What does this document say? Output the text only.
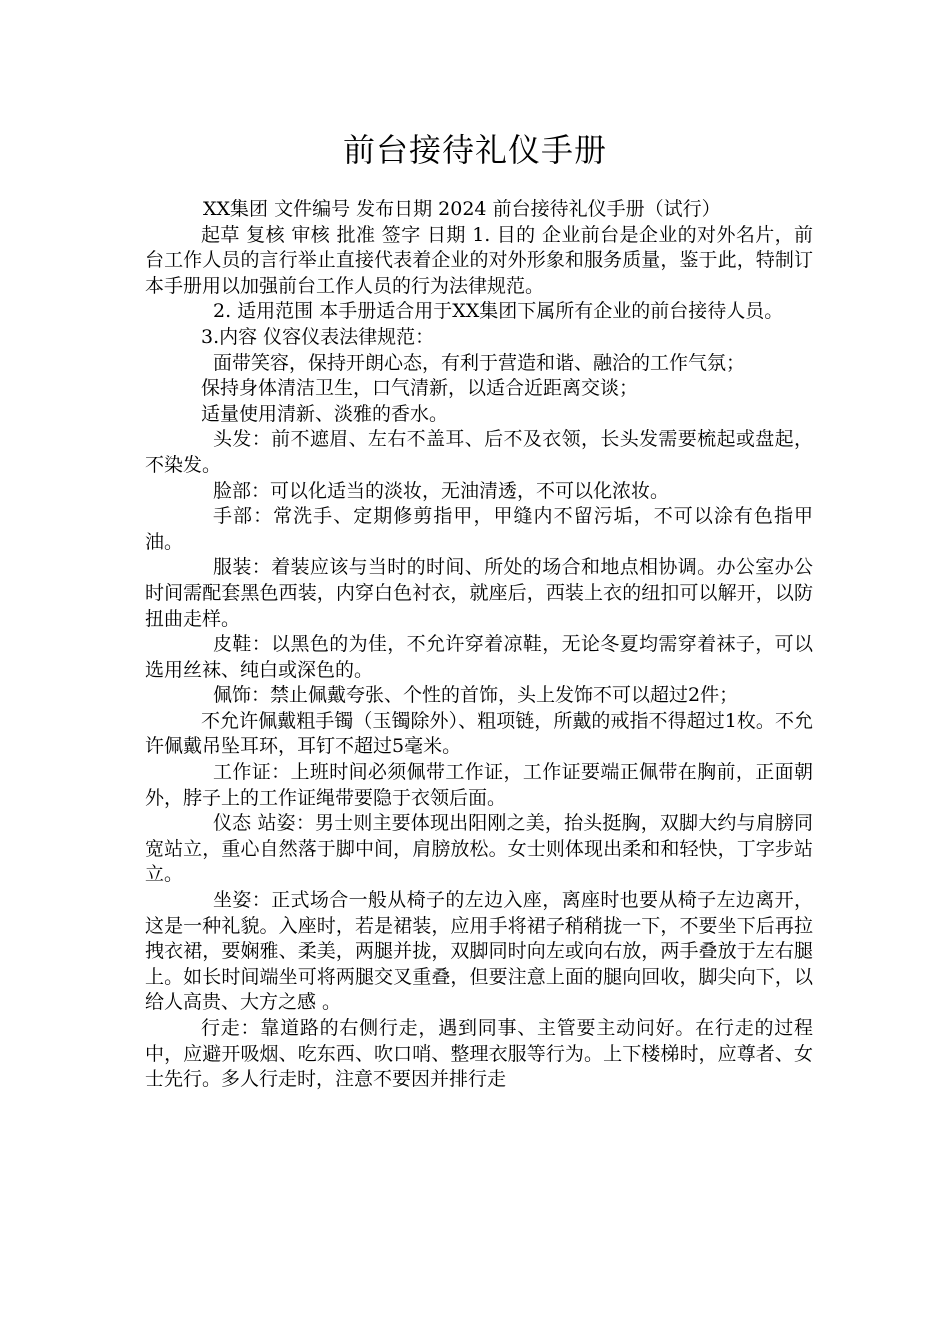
前台接待礼仪手册

XX集团 文件编号 发布日期 2024 前台接待礼仪手册（试行）

起草 复核 审核 批准 签字 日期 1. 目的 企业前台是企业的对外名片，前台工作人员的言行举止直接代表着企业的对外形象和服务质量，鉴于此，特制订本手册用以加强前台工作人员的行为法律规范。

2. 适用范围 本手册适合用于XX集团下属所有企业的前台接待人员。

3.内容 仪容仪表法律规范：

面带笑容，保持开朗心态，有利于营造和谐、融洽的工作气氛；

保持身体清洁卫生，口气清新，以适合近距离交谈；

适量使用清新、淡雅的香水。

头发：前不遮眉、左右不盖耳、后不及衣领，长头发需要梳起或盘起，不染发。

脸部：可以化适当的淡妆，无油清透，不可以化浓妆。

手部：常洗手、定期修剪指甲，甲缝内不留污垢，不可以涂有色指甲油。

服装：着装应该与当时的时间、所处的场合和地点相协调。办公室办公时间需配套黑色西装，内穿白色衬衣，就座后，西装上衣的纽扣可以解开，以防扭曲走样。

皮鞋：以黑色的为佳，不允许穿着凉鞋，无论冬夏均需穿着袜子，可以选用丝袜、纯白或深色的。

佩饰：禁止佩戴夸张、个性的首饰，头上发饰不可以超过2件；

不允许佩戴粗手镯（玉镯除外）、粗项链，所戴的戒指不得超过1枚。不允许佩戴吊坠耳环，耳钉不超过5毫米。

工作证：上班时间必须佩带工作证，工作证要端正佩带在胸前，正面朝外，脖子上的工作证绳带要隐于衣领后面。

仪态 站姿：男士则主要体现出阳刚之美，抬头挺胸，双脚大约与肩膀同宽站立，重心自然落于脚中间，肩膀放松。女士则体现出柔和和轻快，丁字步站立。

坐姿：正式场合一般从椅子的左边入座，离座时也要从椅子左边离开，这是一种礼貌。入座时，若是裙装，应用手将裙子稍稍拢一下，不要坐下后再拉拽衣裙，要娴雅、柔美，两腿并拢，双脚同时向左或向右放，两手叠放于左右腿上。如长时间端坐可将两腿交叉重叠，但要注意上面的腿向回收，脚尖向下，以给人高贵、大方之感 。

行走：靠道路的右侧行走，遇到同事、主管要主动问好。在行走的过程中，应避开吸烟、吃东西、吹口哨、整理衣服等行为。上下楼梯时，应尊者、女士先行。多人行走时，注意不要因并排行走
